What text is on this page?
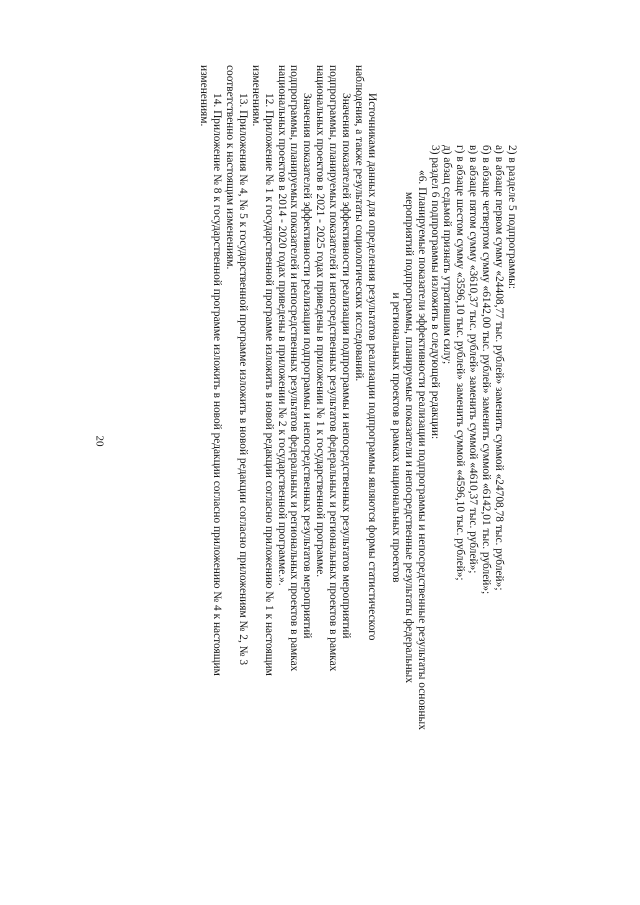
20
2) в разделе 5 подпрограммы:
а) в абзаце первом сумму «24408,77 тыс. рублей» заменить суммой «24708,78 тыс. рублей»;
б) в абзаце четвертом сумму «6142,00 тыс. рублей» заменить суммой «6142,01 тыс. рублей»;
в) в абзаце пятом сумму «3610,37 тыс. рублей» заменить суммой «4610,37 тыс. рублей»;
г) в абзаце шестом сумму «3596,10 тыс. рублей» заменить суммой «4596,10 тыс. рублей»;
д) абзац седьмой признать утратившим силу;
3) раздел 6 подпрограммы изложить в следующей редакции:
«6. Планируемые показатели эффективности реализации подпрограммы и непосредственные результаты основных
мероприятий подпрограммы, планируемые показатели и непосредственные результаты федеральных
и региональных проектов в рамках национальных проектов
Источниками данных для определения результатов реализации подпрограммы являются формы статистического
наблюдения, а также результаты социологических исследований.
Значения показателей эффективности реализации подпрограммы и непосредственных результатов мероприятий
подпрограммы, планируемых показателей и непосредственных результатов федеральных и региональных проектов в рамках
национальных проектов в 2021 - 2025 годах приведены в приложении № 1 к государственной программе.
Значения показателей эффективности реализации подпрограммы и непосредственных результатов мероприятий
подпрограммы, планируемых показателей и непосредственных результатов федеральных и региональных проектов в рамках
национальных проектов в 2014 - 2020 годах приведены в приложении № 2 к государственной программе.».
12. Приложение № 1 к государственной программе изложить в новой редакции согласно приложению № 1 к настоящим
изменениям.
13. Приложения № 4, № 5 к государственной программе изложить в новой редакции согласно приложениям № 2, № 3
соответственно к настоящим изменениям.
14. Приложение № 8 к государственной программе изложить в новой редакции согласно приложению № 4 к настоящим
изменениям.
